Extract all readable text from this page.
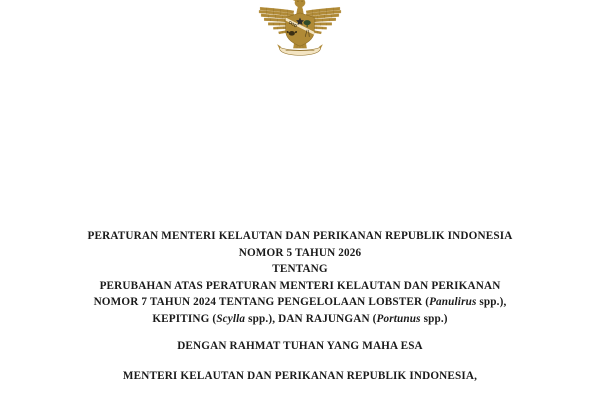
PERATURAN MENTERI KELAUTAN DAN PERIKANAN REPUBLIK INDONESIA
NOMOR 5 TAHUN 2026
TENTANG
PERUBAHAN ATAS PERATURAN MENTERI KELAUTAN DAN PERIKANAN
NOMOR 7 TAHUN 2024 TENTANG PENGELOLAAN LOBSTER (Panulirus spp.),
KEPITING (Scylla spp.), DAN RAJUNGAN (Portunus spp.)
DENGAN RAHMAT TUHAN YANG MAHA ESA
MENTERI KELAUTAN DAN PERIKANAN REPUBLIK INDONESIA,
